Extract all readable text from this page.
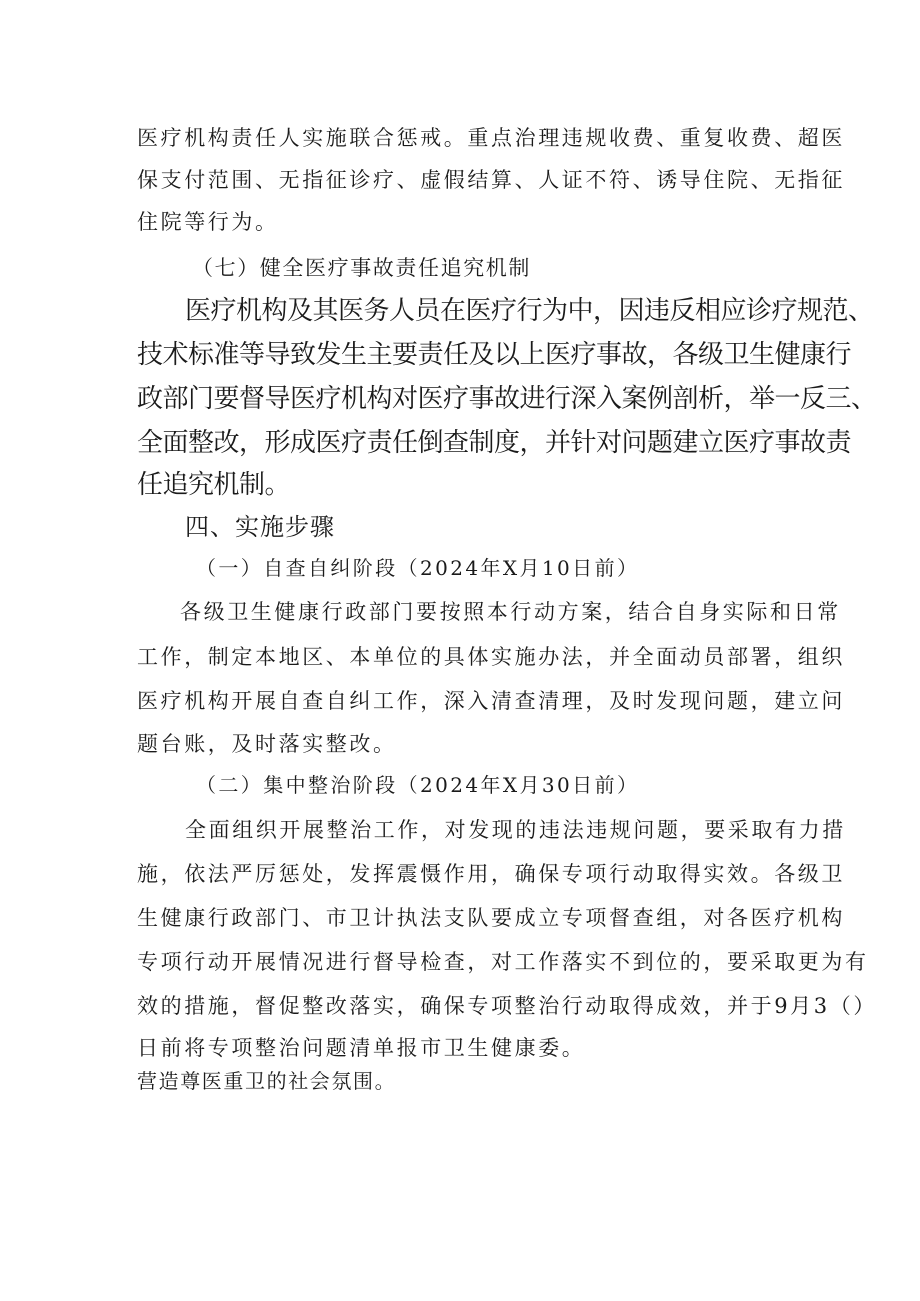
医疗机构责任人实施联合惩戒。重点治理违规收费、重复收费、超医
保支付范围、无指征诊疗、虚假结算、人证不符、诱导住院、无指征
住院等行为。
（七）健全医疗事故责任追究机制
医疗机构及其医务人员在医疗行为中，因违反相应诊疗规范、
技术标准等导致发生主要责任及以上医疗事故，各级卫生健康行
政部门要督导医疗机构对医疗事故进行深入案例剖析，举一反三、
全面整改，形成医疗责任倒查制度，并针对问题建立医疗事故责
任追究机制。
四、实施步骤
（一）自查自纠阶段（2024年X月10日前）
各级卫生健康行政部门要按照本行动方案，结合自身实际和日常
工作，制定本地区、本单位的具体实施办法，并全面动员部署，组织
医疗机构开展自查自纠工作，深入清查清理，及时发现问题，建立问
题台账，及时落实整改。
（二）集中整治阶段（2024年X月30日前）
全面组织开展整治工作，对发现的违法违规问题，要采取有力措
施，依法严厉惩处，发挥震慑作用，确保专项行动取得实效。各级卫
生健康行政部门、市卫计执法支队要成立专项督查组，对各医疗机构
专项行动开展情况进行督导检查，对工作落实不到位的，要采取更为有
效的措施，督促整改落实，确保专项整治行动取得成效，并于9月3（）
日前将专项整治问题清单报市卫生健康委。
营造尊医重卫的社会氛围。
